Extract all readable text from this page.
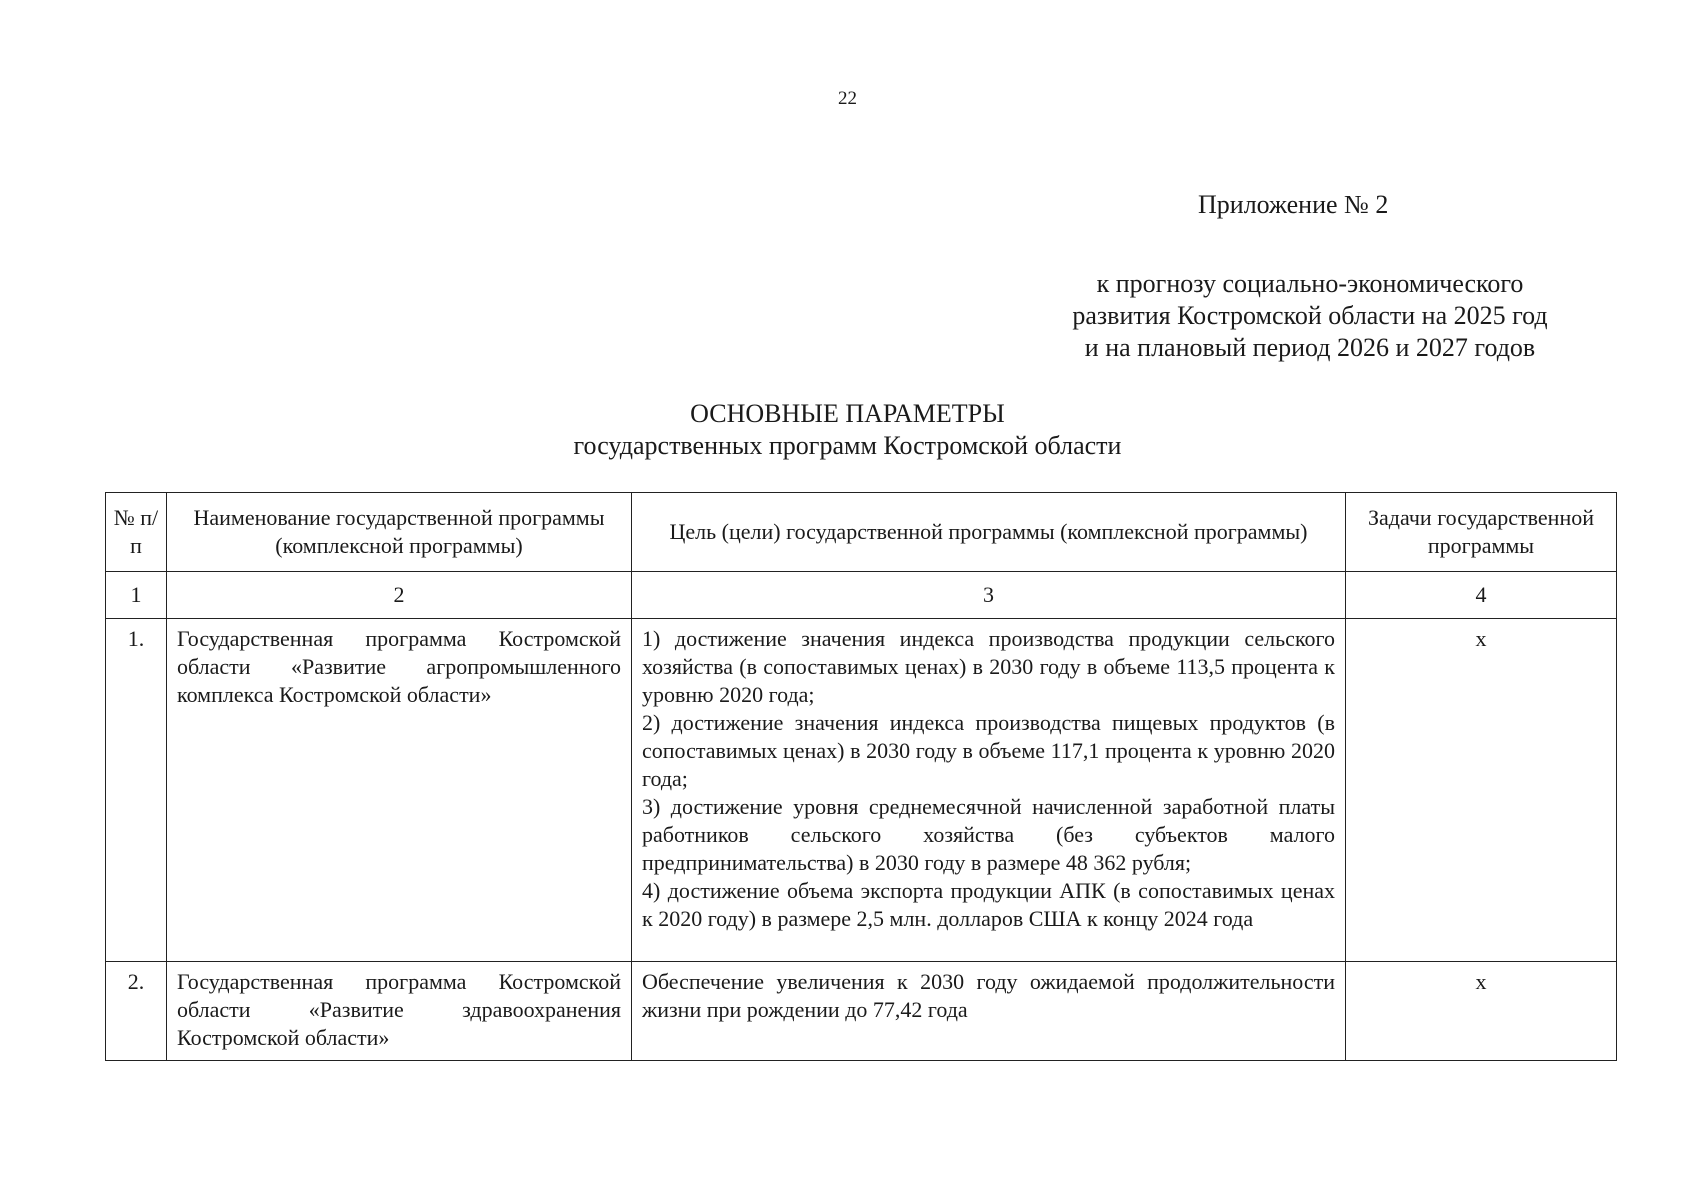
22
Приложение № 2
к прогнозу социально-экономического
развития Костромской области на 2025 год
и на плановый период 2026 и 2027 годов
ОСНОВНЫЕ ПАРАМЕТРЫ
государственных программ Костромской области
№ п/п	Наименование государственной программы (комплексной программы)	Цель (цели) государственной программы (комплексной программы)	Задачи государственной программы
1	2	3	4
1.	Государственная программа Костромской области «Развитие агропромышленного комплекса Костромской области»	1) достижение значения индекса производства продукции сельского хозяйства (в сопоставимых ценах) в 2030 году в объеме 113,5 процента к уровню 2020 года;
2) достижение значения индекса производства пищевых продуктов (в сопоставимых ценах) в 2030 году в объеме 117,1 процента к уровню 2020 года;
3) достижение уровня среднемесячной начисленной заработной платы работников сельского хозяйства (без субъектов малого предпринимательства) в 2030 году в размере 48 362 рубля;
4) достижение объема экспорта продукции АПК (в сопоставимых ценах к 2020 году) в размере 2,5 млн. долларов США к концу 2024 года	х
2.	Государственная программа Костромской области «Развитие здравоохранения Костромской области»	Обеспечение увеличения к 2030 году ожидаемой продолжительности жизни при рождении до 77,42 года	х
